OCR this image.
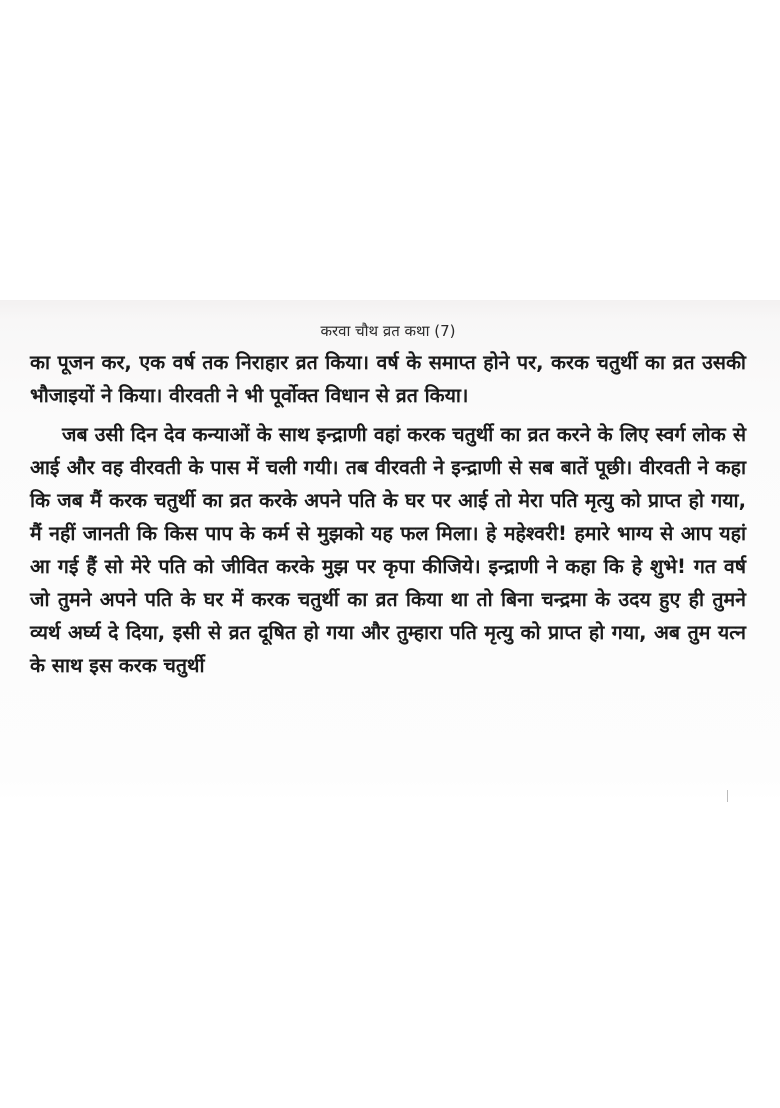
करवा चौथ व्रत कथा (7)

का पूजन कर, एक वर्ष तक निराहार व्रत किया। वर्ष के समाप्त होने पर, करक चतुर्थी का व्रत उसकी भौजाइयों ने किया। वीरवती ने भी पूर्वोक्त विधान से व्रत किया।

जब उसी दिन देव कन्याओं के साथ इन्द्राणी वहां करक चतुर्थी का व्रत करने के लिए स्वर्ग लोक से आई और वह वीरवती के पास में चली गयी। तब वीरवती ने इन्द्राणी से सब बातें पूछी। वीरवती ने कहा कि जब मैं करक चतुर्थी का व्रत करके अपने पति के घर पर आई तो मेरा पति मृत्यु को प्राप्त हो गया, मैं नहीं जानती कि किस पाप के कर्म से मुझको यह फल मिला। हे महेश्वरी! हमारे भाग्य से आप यहां आ गई हैं सो मेरे पति को जीवित करके मुझ पर कृपा कीजिये। इन्द्राणी ने कहा कि हे शुभे! गत वर्ष जो तुमने अपने पति के घर में करक चतुर्थी का व्रत किया था तो बिना चन्द्रमा के उदय हुए ही तुमने व्यर्थ अर्घ्य दे दिया, इसी से व्रत दूषित हो गया और तुम्हारा पति मृत्यु को प्राप्त हो गया, अब तुम यत्न के साथ इस करक चतुर्थी
